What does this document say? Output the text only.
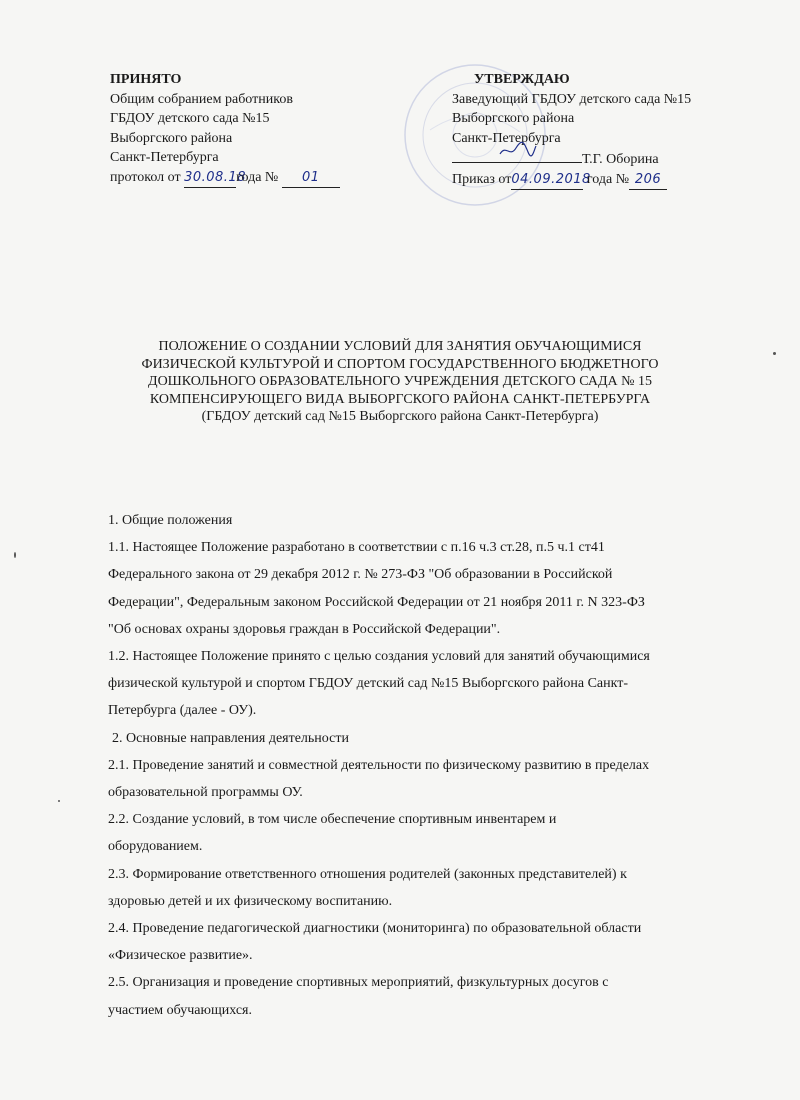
ПРИНЯТО
Общим собранием работников
ГБДОУ детского сада №15
Выборгского района
Санкт-Петербурга
протокол от 30.08.18года № 01
УТВЕРЖДАЮ
Заведующий ГБДОУ детского сада №15
Выборгского района
Санкт-Петербурга
Т.Г. Оборина
Приказ от04.09.2018 года № 206
ПОЛОЖЕНИЕ О СОЗДАНИИ УСЛОВИЙ ДЛЯ ЗАНЯТИЯ ОБУЧАЮЩИМИСЯ
ФИЗИЧЕСКОЙ КУЛЬТУРОЙ И СПОРТОМ ГОСУДАРСТВЕННОГО БЮДЖЕТНОГО
ДОШКОЛЬНОГО ОБРАЗОВАТЕЛЬНОГО УЧРЕЖДЕНИЯ ДЕТСКОГО САДА № 15
КОМПЕНСИРУЮЩЕГО ВИДА ВЫБОРГСКОГО РАЙОНА САНКТ-ПЕТЕРБУРГА
(ГБДОУ детский сад №15 Выборгского района Санкт-Петербурга)
1. Общие положения
1.1. Настоящее Положение разработано в соответствии с п.16 ч.3 ст.28, п.5 ч.1 ст41
Федерального закона от 29 декабря 2012 г. № 273-ФЗ "Об образовании в Российской
Федерации", Федеральным законом Российской Федерации от 21 ноября 2011 г. N 323-ФЗ
"Об основах охраны здоровья граждан в Российской Федерации".
1.2. Настоящее Положение принято с целью создания условий для занятий обучающимися
физической культурой и спортом ГБДОУ детский сад №15 Выборгского района Санкт-
Петербурга (далее - ОУ).
2. Основные направления деятельности
2.1. Проведение занятий и совместной деятельности по физическому развитию в пределах
образовательной программы ОУ.
2.2. Создание условий, в том числе обеспечение спортивным инвентарем и
оборудованием.
2.3. Формирование ответственного отношения родителей (законных представителей) к
здоровью детей и их физическому воспитанию.
2.4. Проведение педагогической диагностики (мониторинга) по образовательной области
«Физическое развитие».
2.5. Организация и проведение спортивных мероприятий, физкультурных досугов с
участием обучающихся.
